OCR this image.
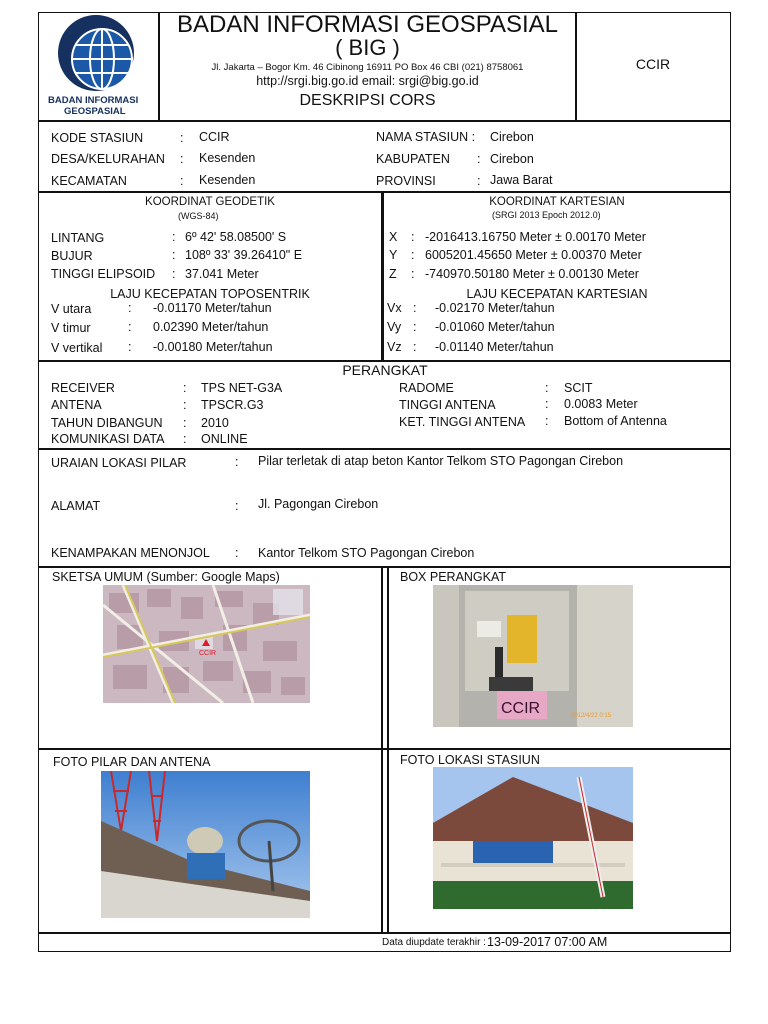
BADAN INFORMASI
GEOSPASIAL
BADAN INFORMASI GEOSPASIAL
( BIG )
Jl. Jakarta – Bogor Km. 46 Cibinong 16911 PO Box 46 CBI (021) 8758061
http://srgi.big.go.id email: srgi@big.go.id
DESKRIPSI CORS
CCIR
KODE STASIUN	: CCIR
DESA/KELURAHAN : Kesenden
KECAMATAN	: Kesenden
NAMA STASIUN : Cirebon
KABUPATEN : Cirebon
PROVINSI	: Jawa Barat
KOORDINAT GEODETIK
(WGS-84)
LINTANG	: 6º 42' 58.08500' S
BUJUR	: 108º 33' 39.26410" E
TINGGI ELIPSOID : 37.041 Meter
LAJU KECEPATAN TOPOSENTRIK
V utara	: -0.01170 Meter/tahun
V timur	: 0.02390 Meter/tahun
V vertikal : -0.00180 Meter/tahun
KOORDINAT KARTESIAN
(SRGI 2013 Epoch 2012.0)
X : -2016413.16750 Meter ± 0.00170 Meter
Y : 6005201.45650 Meter ± 0.00370 Meter
Z : -740970.50180 Meter ± 0.00130 Meter
LAJU KECEPATAN KARTESIAN
Vx : -0.02170 Meter/tahun
Vy : -0.01060 Meter/tahun
Vz : -0.01140 Meter/tahun
PERANGKAT
RECEIVER	: TPS NET-G3A
ANTENA	: TPSCR.G3
TAHUN DIBANGUN : 2010
KOMUNIKASI DATA : ONLINE
RADOME	: SCIT
TINGGI ANTENA	: 0.0083 Meter
KET. TINGGI ANTENA : Bottom of Antenna
URAIAN LOKASI PILAR	: Pilar terletak di atap beton Kantor Telkom STO Pagongan Cirebon
ALAMAT	: Jl. Pagongan Cirebon
KENAMPAKAN MENONJOL : Kantor Telkom STO Pagongan Cirebon
SKETSA UMUM (Sumber: Google Maps)	BOX PERANGKAT
FOTO PILAR DAN ANTENA	FOTO LOKASI STASIUN
CCIR
CCIR	2012/4/22 0:15
Data diupdate terakhir : 13-09-2017 07:00 AM
